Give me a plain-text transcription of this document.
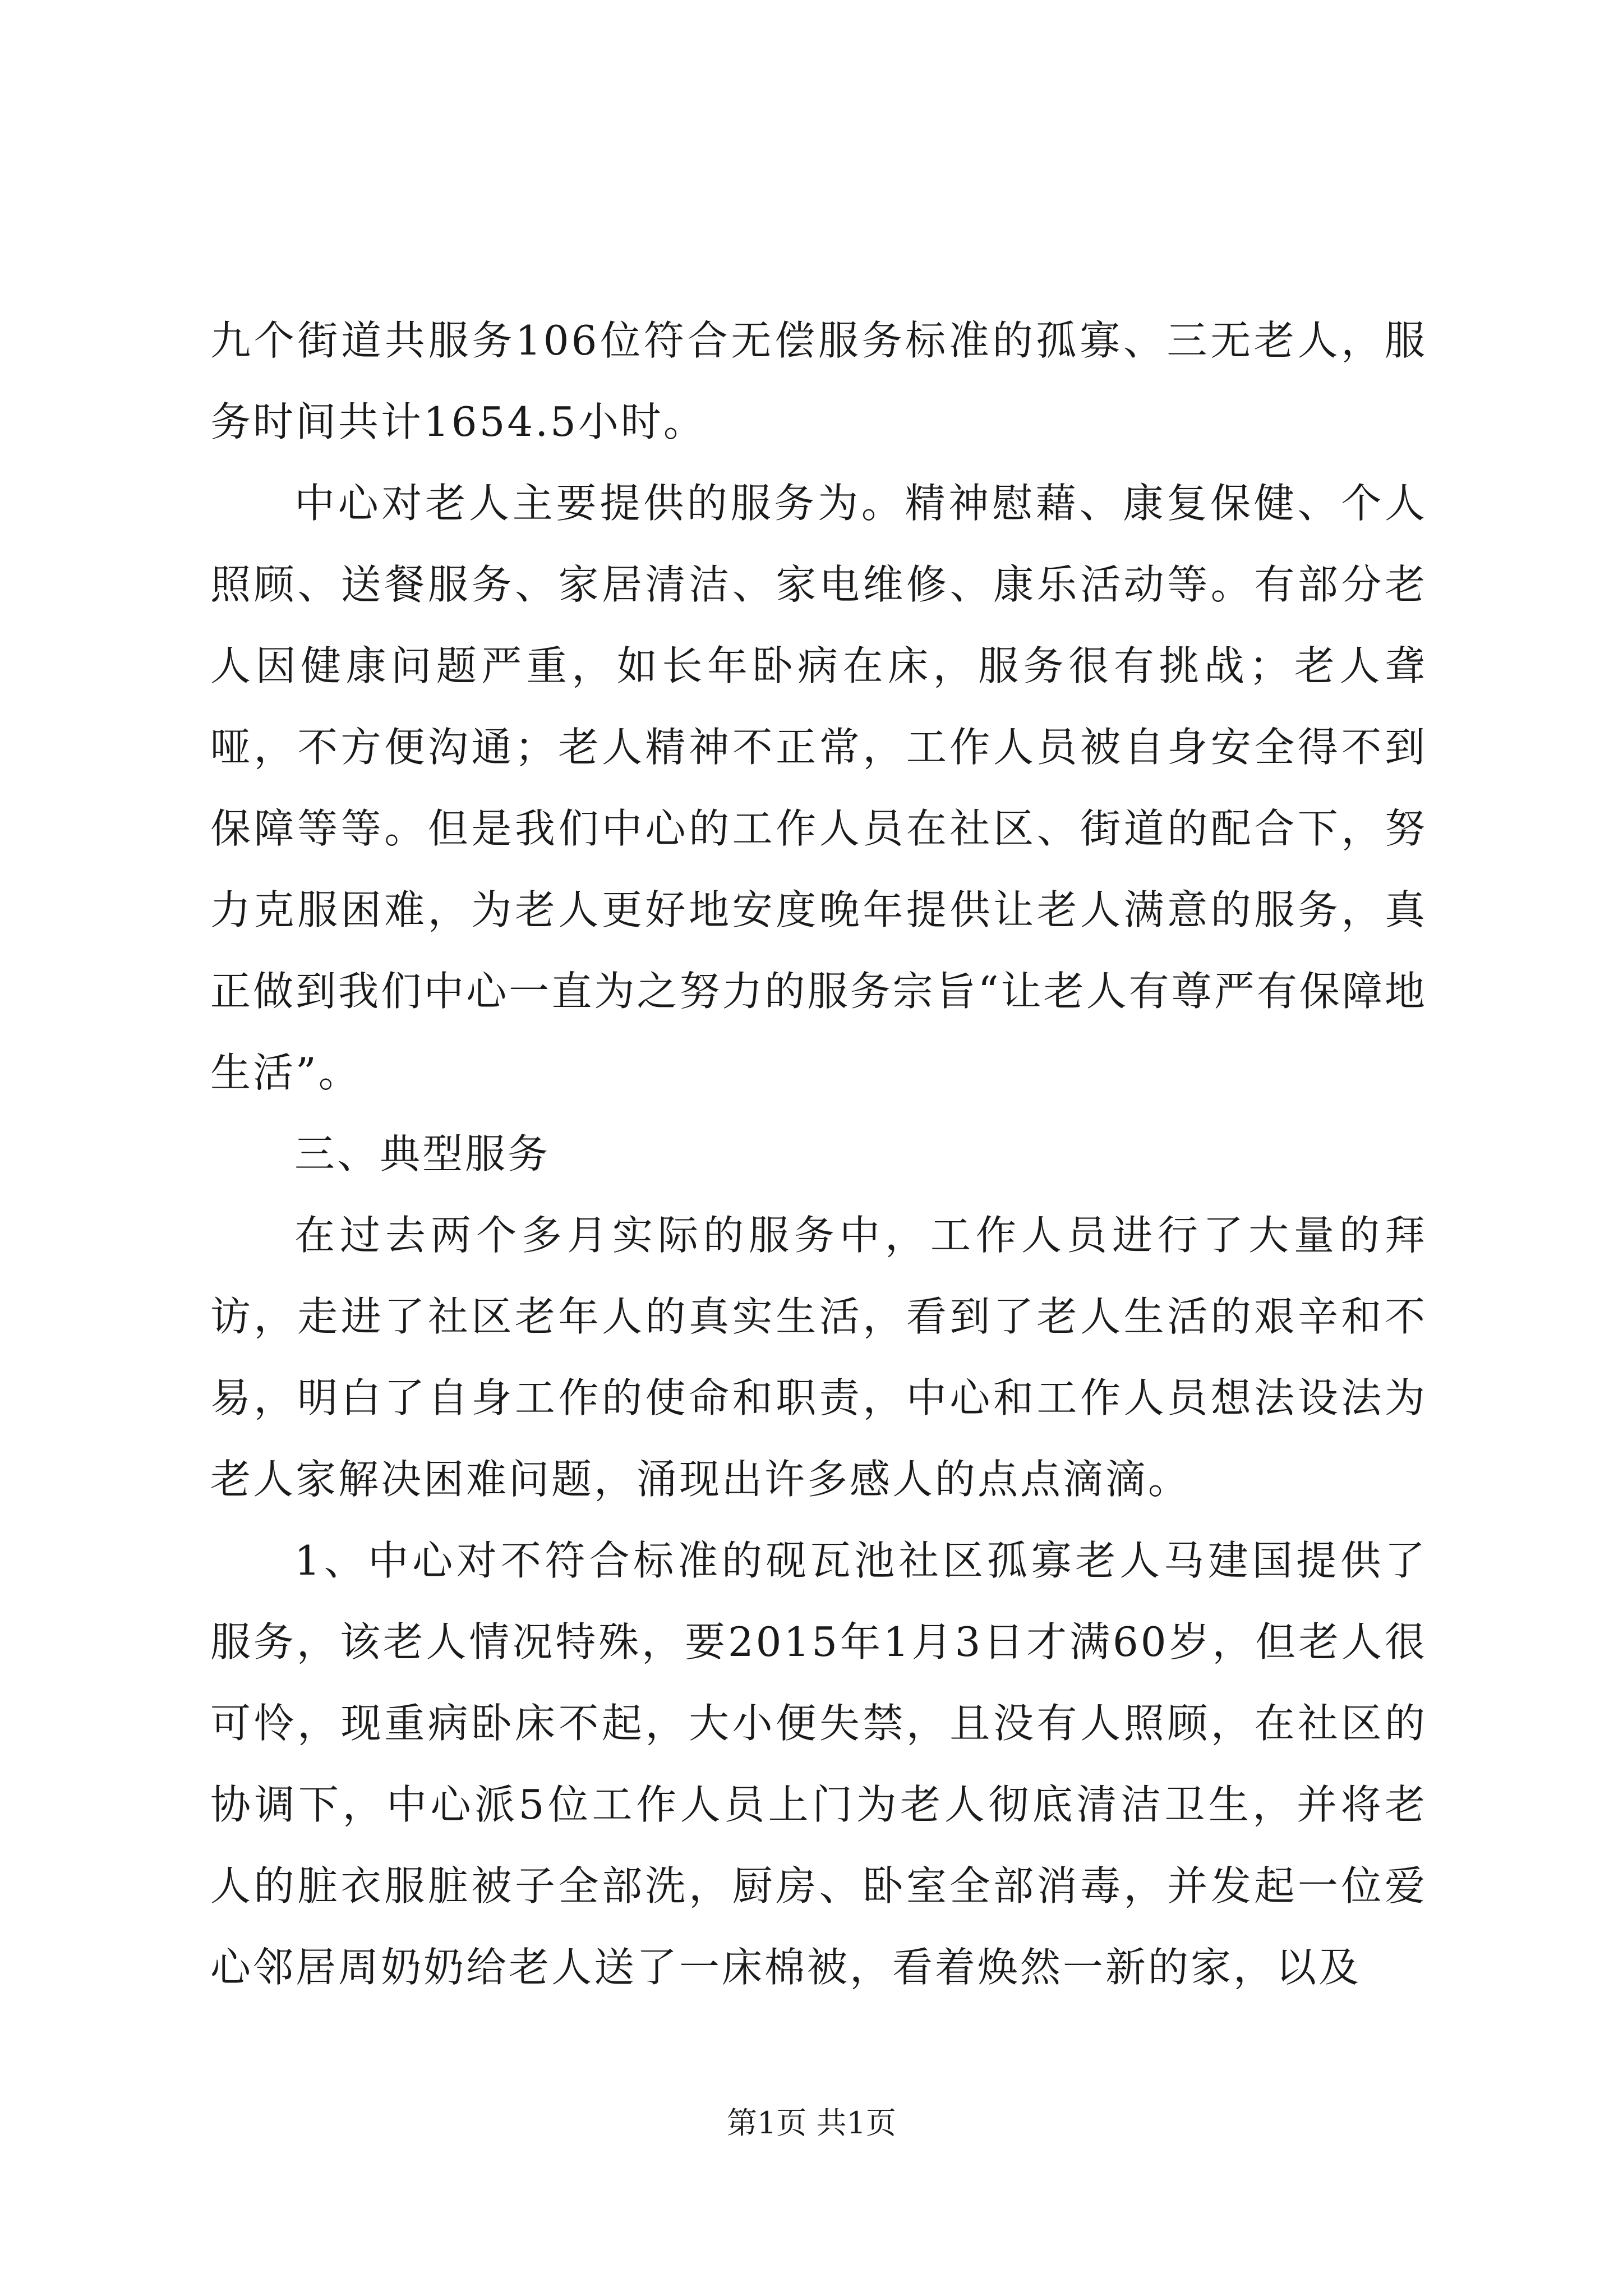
九个街道共服务106位符合无偿服务标准的孤寡、三无老人，服务时间共计1654.5小时。

中心对老人主要提供的服务为。精神慰藉、康复保健、个人照顾、送餐服务、家居清洁、家电维修、康乐活动等。有部分老人因健康问题严重，如长年卧病在床，服务很有挑战；老人聋哑，不方便沟通；老人精神不正常，工作人员被自身安全得不到保障等等。但是我们中心的工作人员在社区、街道的配合下，努力克服困难，为老人更好地安度晚年提供让老人满意的服务，真正做到我们中心一直为之努力的服务宗旨“让老人有尊严有保障地生活”。

三、典型服务

在过去两个多月实际的服务中，工作人员进行了大量的拜访，走进了社区老年人的真实生活，看到了老人生活的艰辛和不易，明白了自身工作的使命和职责，中心和工作人员想法设法为老人家解决困难问题，涌现出许多感人的点点滴滴。

1、中心对不符合标准的砚瓦池社区孤寡老人马建国提供了服务，该老人情况特殊，要2015年1月3日才满60岁，但老人很可怜，现重病卧床不起，大小便失禁，且没有人照顾，在社区的协调下，中心派5位工作人员上门为老人彻底清洁卫生，并将老人的脏衣服脏被子全部洗，厨房、卧室全部消毒，并发起一位爱心邻居周奶奶给老人送了一床棉被，看着焕然一新的家，以及

第1页 共1页
